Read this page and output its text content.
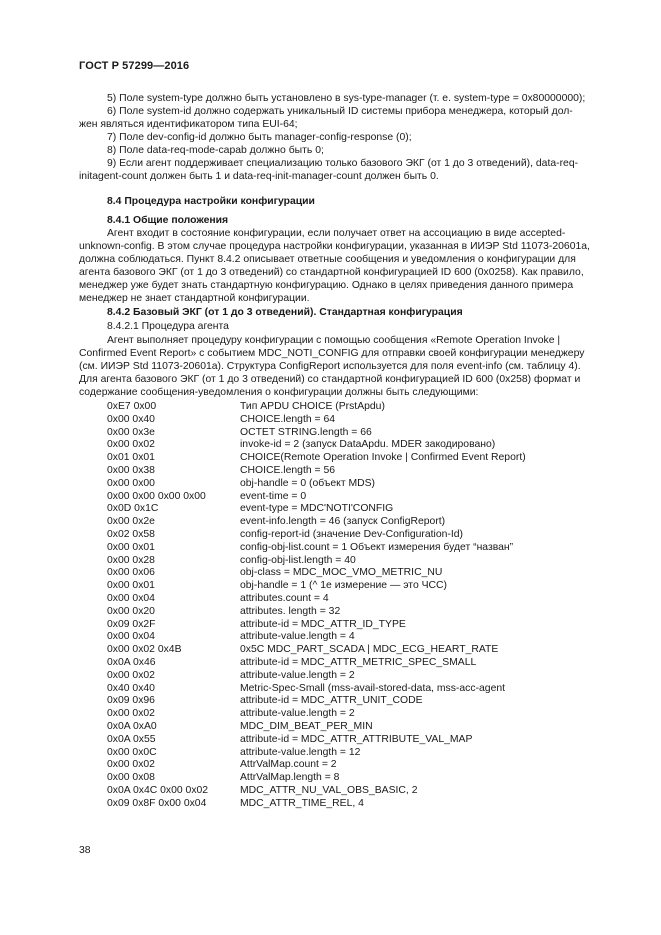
ГОСТ Р 57299—2016
5) Поле system-type должно быть установлено в sys-type-manager (т. е. system-type = 0x80000000);
6) Поле system-id должно содержать уникальный ID системы прибора менеджера, который дол-
жен являться идентификатором типа EUI-64;
7) Поле dev-config-id должно быть manager-config-response (0);
8) Поле data-req-mode-capab должно быть 0;
9) Если агент поддерживает специализацию только базового ЭКГ (от 1 до 3 отведений), data-req-
initagent-count должен быть 1 и data-req-init-manager-count должен быть 0.
8.4 Процедура настройки конфигурации
8.4.1 Общие положения
Агент входит в состояние конфигурации, если получает ответ на ассоциацию в виде accepted-
unknown-config. В этом случае процедура настройки конфигурации, указанная в ИИЭР Std 11073-20601a,
должна соблюдаться. Пункт 8.4.2 описывает ответные сообщения и уведомления о конфигурации для
агента базового ЭКГ (от 1 до 3 отведений) со стандартной конфигурацией ID 600 (0x0258). Как правило,
менеджер уже будет знать стандартную конфигурацию. Однако в целях приведения данного примера
менеджер не знает стандартной конфигурации.
8.4.2 Базовый ЭКГ (от 1 до 3 отведений). Стандартная конфигурация
8.4.2.1 Процедура агента
Агент выполняет процедуру конфигурации с помощью сообщения «Remote Operation Invoke |
Confirmed Event Report» с событием MDC_NOTI_CONFIG для отправки своей конфигурации менеджеру
(см. ИИЭР Std 11073-20601a). Структура ConfigReport используется для поля event-info (см. таблицу 4).
Для агента базового ЭКГ (от 1 до 3 отведений) со стандартной конфигурацией ID 600 (0x258) формат и
содержание сообщения-уведомления о конфигурации должны быть следующими:
0xE7 0x00	Тип APDU CHOICE (PrstApdu)
0x00 0x40	CHOICE.length = 64
0x00 0x3e	OCTET STRING.length = 66
0x00 0x02	invoke-id = 2 (запуск DataApdu. MDER закодировано)
0x01 0x01	CHOICE(Remote Operation Invoke | Confirmed Event Report)
0x00 0x38	CHOICE.length = 56
0x00 0x00	obj-handle = 0 (объект MDS)
0x00 0x00 0x00 0x00	event-time = 0
0x0D 0x1C	event-type = MDC'NOTI'CONFIG
0x00 0x2e	event-info.length = 46 (запуск ConfigReport)
0x02 0x58	config-report-id (значение Dev-Configuration-Id)
0x00 0x01	config-obj-list.count = 1 Объект измерения будет “назван”
0x00 0x28	config-obj-list.length = 40
0x00 0x06	obj-class = MDC_MOC_VMO_METRIC_NU
0x00 0x01	obj-handle = 1 (^ 1e измерение — это ЧСС)
0x00 0x04	attributes.count = 4
0x00 0x20	attributes. length = 32
0x09 0x2F	attribute-id = MDC_ATTR_ID_TYPE
0x00 0x04	attribute-value.length = 4
0x00 0x02 0x4B	0x5C MDC_PART_SCADA | MDC_ECG_HEART_RATE
0x0A 0x46	attribute-id = MDC_ATTR_METRIC_SPEC_SMALL
0x00 0x02	attribute-value.length = 2
0x40 0x40	Metric-Spec-Small (mss-avail-stored-data, mss-acc-agent
0x09 0x96	attribute-id = MDC_ATTR_UNIT_CODE
0x00 0x02	attribute-value.length = 2
0x0A 0xA0	MDC_DIM_BEAT_PER_MIN
0x0A 0x55	attribute-id = MDC_ATTR_ATTRIBUTE_VAL_MAP
0x00 0x0C	attribute-value.length = 12
0x00 0x02	AttrValMap.count = 2
0x00 0x08	AttrValMap.length = 8
0x0A 0x4C 0x00 0x02	MDC_ATTR_NU_VAL_OBS_BASIC, 2
0x09 0x8F 0x00 0x04	MDC_ATTR_TIME_REL, 4
38
